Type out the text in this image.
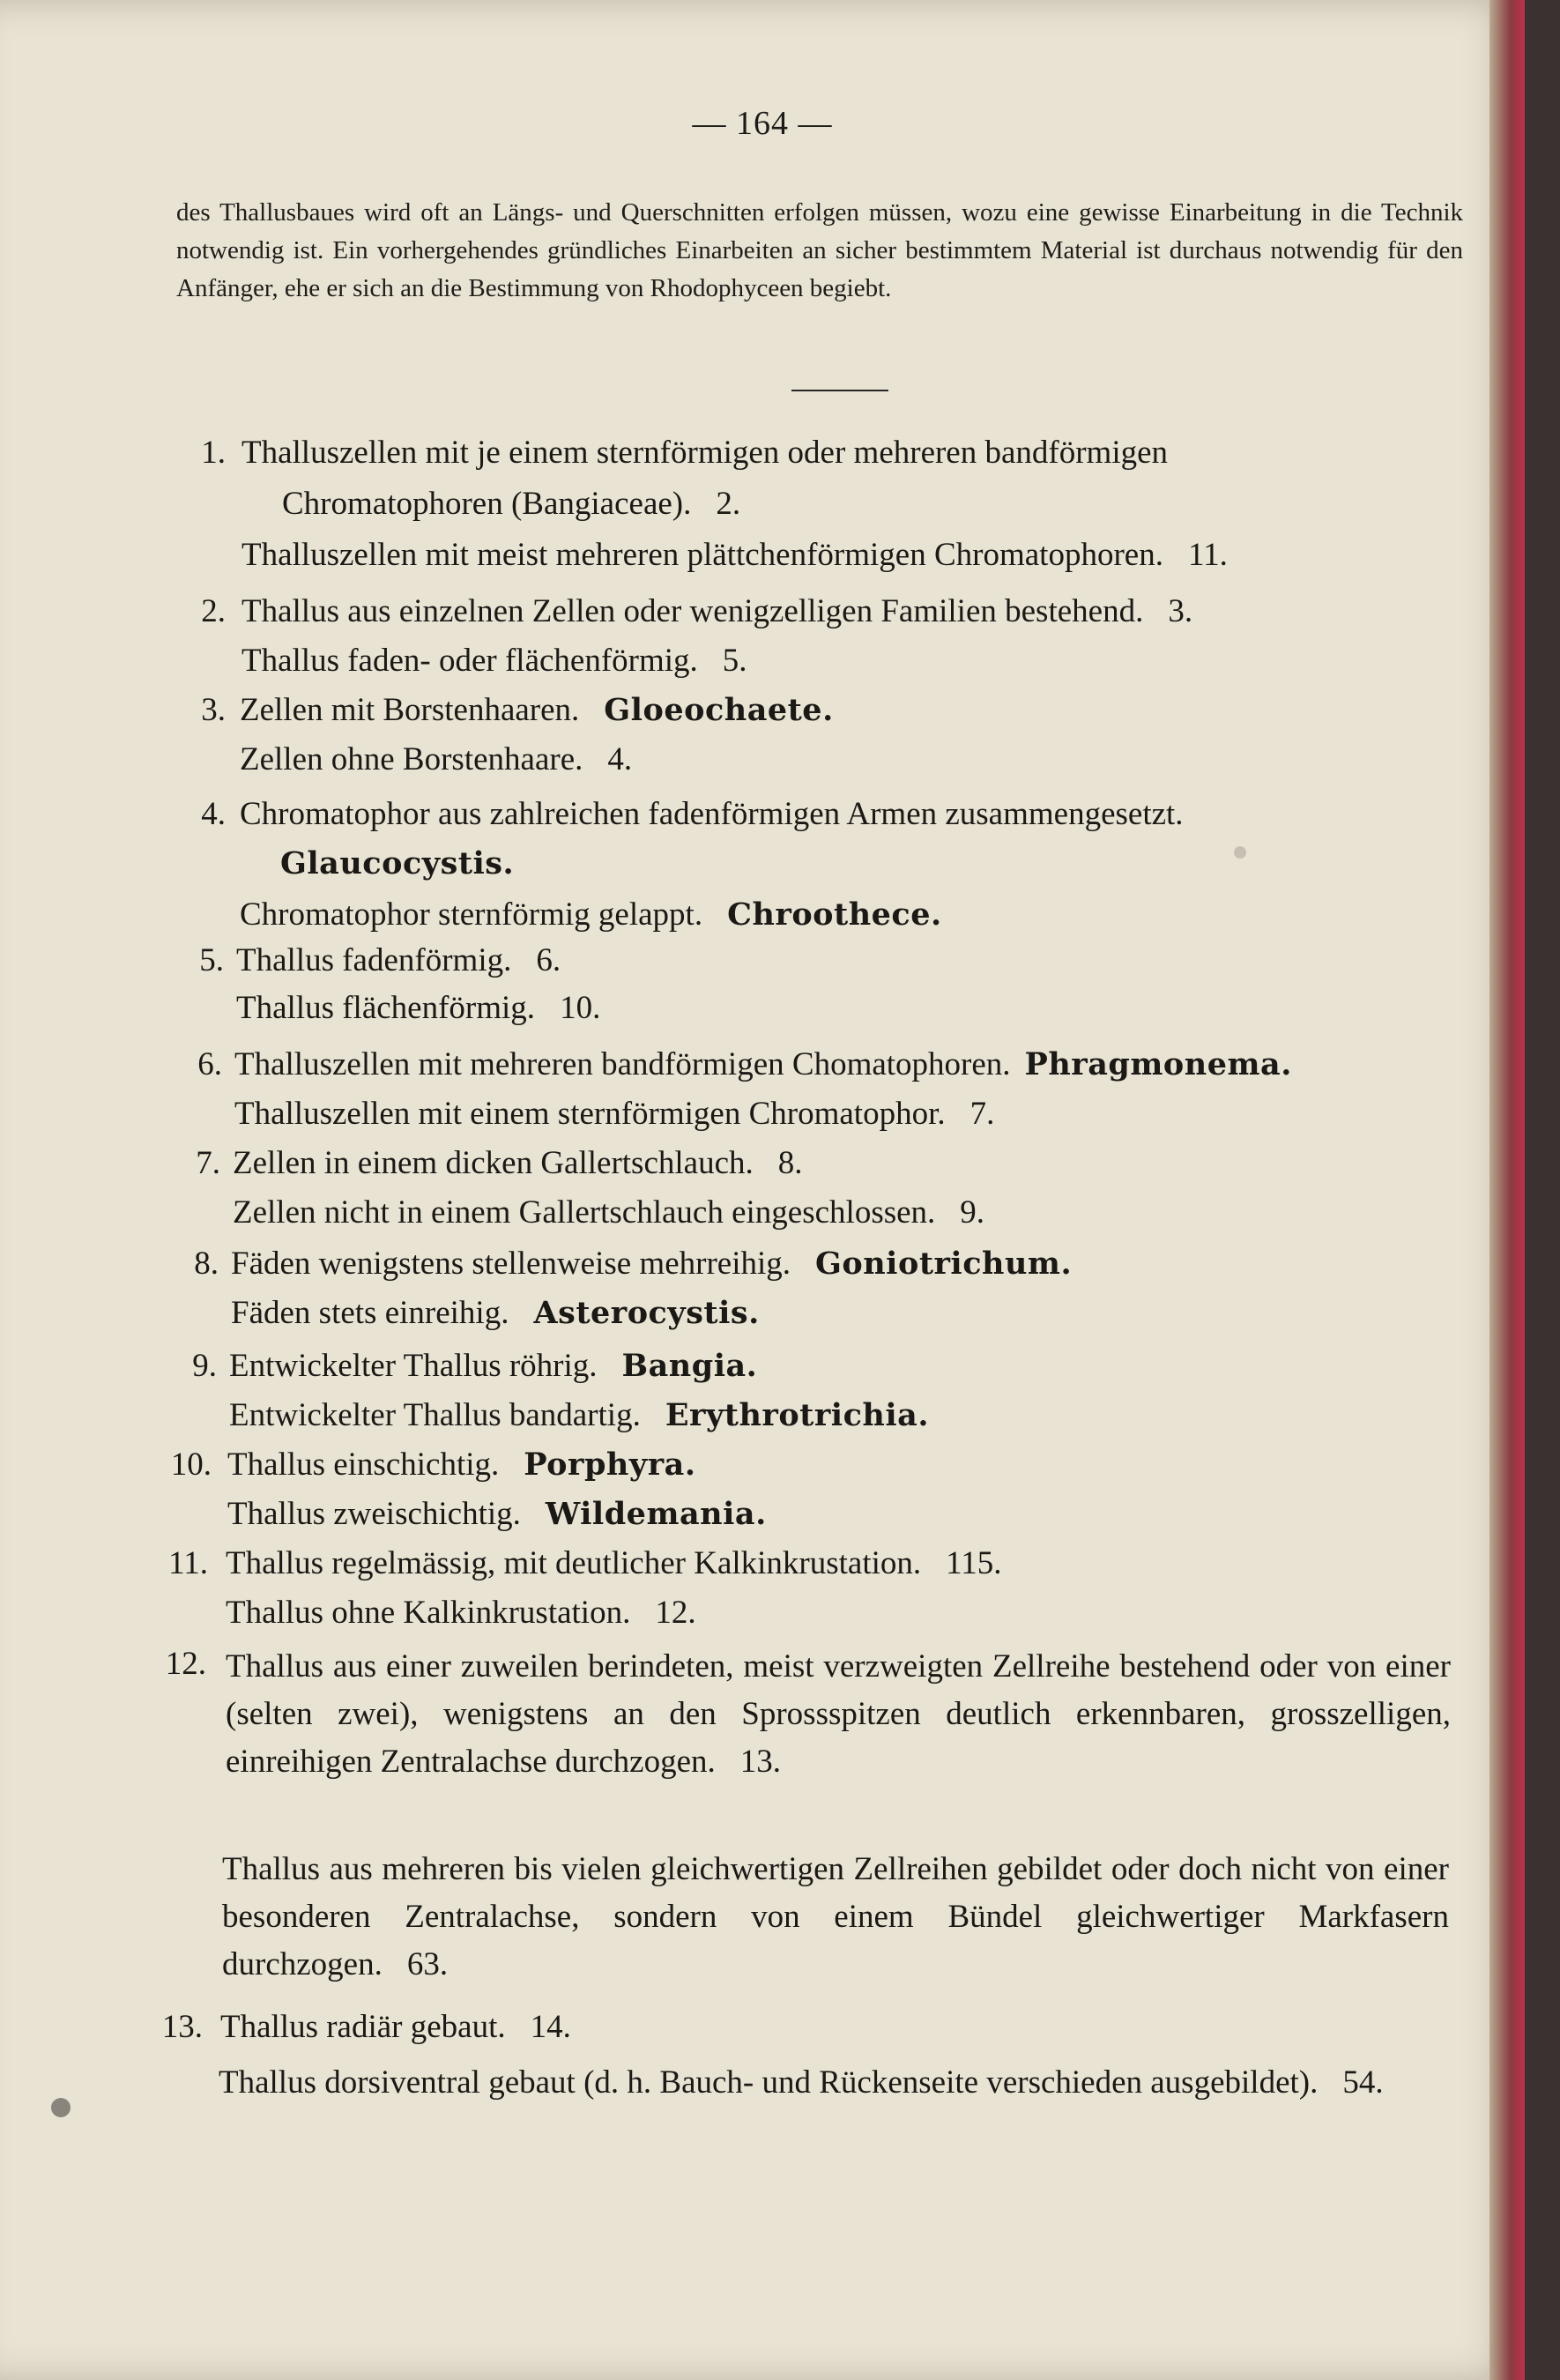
— 164 —
des Thallusbaues wird oft an Längs- und Querschnitten erfolgen müssen, wozu eine gewisse Einarbeitung in die Technik notwendig ist. Ein vorhergehendes gründliches Einarbeiten an sicher bestimmtem Material ist durchaus notwendig für den Anfänger, ehe er sich an die Bestimmung von Rhodophyceen begiebt.
1. Thalluszellen mit je einem sternförmigen oder mehreren bandförmigen
Chromatophoren (Bangiaceae). 2.
Thalluszellen mit meist mehreren plättchenförmigen Chromatophoren. 11.
2. Thallus aus einzelnen Zellen oder wenigzelligen Familien bestehend. 3.
Thallus faden- oder flächenförmig. 5.
3. Zellen mit Borstenhaaren. Gloeochaete.
Zellen ohne Borstenhaare. 4.
4. Chromatophor aus zahlreichen fadenförmigen Armen zusammengesetzt.
Glaucocystis.
Chromatophor sternförmig gelappt. Chroothece.
5. Thallus fadenförmig. 6.
Thallus flächenförmig. 10.
6. Thalluszellen mit mehreren bandförmigen Chomatophoren. Phragmonema.
Thalluszellen mit einem sternförmigen Chromatophor. 7.
7. Zellen in einem dicken Gallertschlauch. 8.
Zellen nicht in einem Gallertschlauch eingeschlossen. 9.
8. Fäden wenigstens stellenweise mehrreihig. Goniotrichum.
Fäden stets einreihig. Asterocystis.
9. Entwickelter Thallus röhrig. Bangia.
Entwickelter Thallus bandartig. Erythrotrichia.
10. Thallus einschichtig. Porphyra.
Thallus zweischichtig. Wildemania.
11. Thallus regelmässig, mit deutlicher Kalkinkrustation. 115.
Thallus ohne Kalkinkrustation. 12.
12. Thallus aus einer zuweilen berindeten, meist verzweigten Zellreihe bestehend oder von einer (selten zwei), wenigstens an den Sprossspitzen deutlich erkennbaren, grosszelligen, einreihigen Zentralachse durchzogen. 13.
Thallus aus mehreren bis vielen gleichwertigen Zellreihen gebildet oder doch nicht von einer besonderen Zentralachse, sondern von einem Bündel gleichwertiger Markfasern durchzogen. 63.
13. Thallus radiär gebaut. 14.
Thallus dorsiventral gebaut (d. h. Bauch- und Rückenseite verschieden ausgebildet). 54.
